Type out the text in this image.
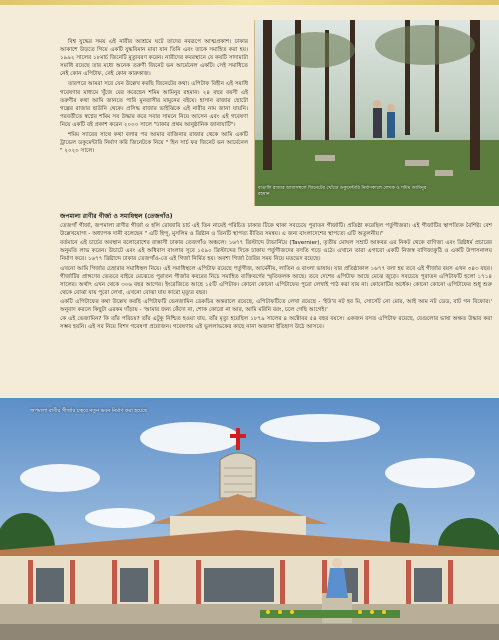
বিশ্ব যুদ্ধের সময় এই নারীর আশ্রমে ঘটে তাদের নবরূপে আত্মপ্রকাশ। ঢাকার আকাশে উড়তে গিয়ে একটি যুদ্ধবিমান মারা যান তিনি এবং তাকে সমাহিত করা হয়। ১৯৯২ সালের ১৮মার্চ জিনেটি মুত্যুবরণ করেন। নারীদের কবরস্থানে যে কয়টি সাদামাটা সমাধি রয়েছে তার মধ্যে অনেক তরুণী জিনেট ভন আর্মেনেল একটি। সেই সমাধিতে নেই কোন এপিটাফ, নেই কোন কারুকাজ।

তারপরে আমরা সরে যেন উল্লেখ করছি জিনেটের কথা। এপিটাফ বিহীন এই সমাধি গবেষণার মাধ্যমে খুঁজে বের করেছেন শমিম আমিনুর রহমান। ২৪ বছর বয়সী এই তরুণীর কথা আমি জানতে পারি মুনতাসীর মামুনের বইয়ে। হাসান রাজার ছোটো গল্পের রাজার ছাউনি থেকে। প্রসিদ্ধ রাজার ভাইঝিকে এই নারীর নাম জানা যায়নি। পরবর্তীতে স্বপ্নের শমিম সব উদ্ধার করে সবার সামনে নিয়ে আসেন এবং এই গবেষণা নিয়ে একটি বই প্রকাশ করেন ২০০০ সালে "ঢাকার প্রথম আনুষ্ঠানিক জানাযাটি"।

শমিম স্যারের সাথে কথা বলার পর আমার বাজিনার রাজার থেকে আমি একটি ট্রাভেল ডকুমেন্টারি নির্মাণ করি জিনেটকে নিয়ে " হিন সার্চ ফর জিনেট ভন আর্মেনেল " ২০২০ সালে।

বাঙালি রাজার আবাসস্থলে জিনেটের খোঁজে ডকুমেন্টারি নির্মাণকালে লেখক ও শমিম আমিনুর রহমান

জপমালা রাণীর গীর্জা ও সমাধিস্থল (তেজগাঁও)

তেজগাঁ গীর্জা, জপমালা রাণীর গীর্জা ও হলি রোজারি চার্চ এই তিন নামেই পরিচিত ঢাকার টিকে থাকা সবচেয়ে পুরাতন গীর্জাটি। প্রতিষ্ঠা করেছিল পর্তুগীজরা। এই গীর্জাটির স্থাপত্যিক বৈশিষ্ট্য বেশ উল্লেখযোগ্য - অধ্যাপক দানী বলেছেন " এটি হিন্দু, মুসলিম ও খ্রিষ্টান ও তিনটি স্থাপত্য রীতির সমন্বয়। এ জন্য বাংলাদেশের স্থাপত্যে এটি অতুলনীয়।"

বর্তমানে এই চার্চের অবস্থান বলোরোশের রাস্তাসী ঢাকার তেজগাঁও অঞ্চলে। ১৬৭৭ খ্রিস্টাব্দে টাভার্নিয়ে (Tavernier), তৃতীয় মোঘল সম্রাট আকবর এর নিকট থেকে বাণিজ্য এবং খ্রিষ্টধর্ম প্রচারের অনুমতি লাভ করেন। উচাটে এবং এই অধিবাস বাংলার সুবে ১৫৯০ খ্রিস্টাব্দের দিকে ঢাকায় পর্তুগীজদের বসতি গড়ে ওঠে। এখানে তারা এগারো একটি নিজস্ব বাণিজ্যকুঠি ও একটি উপাসনালয় নির্মাণ করে। ১৬৭৭ খ্রিষ্টাব্দে ঢাকার তেজগাঁও-তে এই গির্জা নির্মিত হয়। অবশ্য গির্জা তৈরির সময় নিয়ে মতভেদ রয়েছে।

এখনো আমি গির্জার চেহারার সমাধিস্থল নিয়ে। এই সমাধিস্থলে এপিটাফ রয়েছে পর্তুগীজ, আর্মেনীয়, লাতিন ও বাংলা ভাষায়। যার প্রতিষ্ঠাকাল ১৬৭৭ বলা হয় তবে এই গীর্জার বয়স এখন ৩৪৩ বছর। গীর্জাটির প্রাঙ্গণের ভেতরে বাইরে মেঝেতে পুরাতন গীর্জার কবরের নিচে সমাহিত ব্যক্তিবর্গের স্মৃতিফলক আছে। তবে দেশের এপিটাফ আছে মেঝে জুড়ে। সবচেয়ে পুরাতন এপিটাফটি হলো ১৭১৪ সালের। অর্থাৎ এখন থেকে ৩০৬ বছর আগের। ইংরেজিতে আছে ১৫টি এপিটাফ। কোনো কোনো এপিটাফের পুরো লেখাই পাঠ করা যায় না। কোনোটির অর্ধেক। কোনো কোনো এপিটাফের শুধু শুরু থেকে বোঝা যায় পুরো লেখা, এখনো বোঝা যায় কারো মৃত্যুর বছর।

একটি এপিটাফের কথা উল্লেখ করছি এপিটাফটি ভেনজামিন ডেকচির অন্তরালে রয়েছে, এপিটাফটিতে লেখা রয়েছে - 'ইউ'র নট হব মি, সোর্সেট নো মোর, আই আম নট ডেড, বাট গন বিফোর।' অনুবাদ করলে কিছুটা এরকম দাঁড়ায় - 'আমার জন্য কেঁদো না, শোক কোরো না আর, আমি মরিনি বরং, চলে গেছি আগেই।'

কে এই ভেজামিন? কি তাঁর পরিচয়? তাঁর এটুকু নিশ্চিত হওয়া যায়, তাঁর মৃত্যু হয়েছিল ১৮৭৯ সালের ৪ অক্টোবর ৫৪ বছর বয়সে। একজন বসত এপিটাফ রয়েছে, যেগুলোর ভাষা অক্ষত উদ্ধার করা সম্ভব হয়নি। এই সব নিয়ে বিশদ গবেষণা প্রয়োজন। গবেষণায় এই ভুললাভকের কাছে নানা অজানা ইতিহাস উঠে আসবে।

জপমালা রাণীর গীর্জার চত্বরে নতুন ভবন নির্মাণ করা হয়েছে
